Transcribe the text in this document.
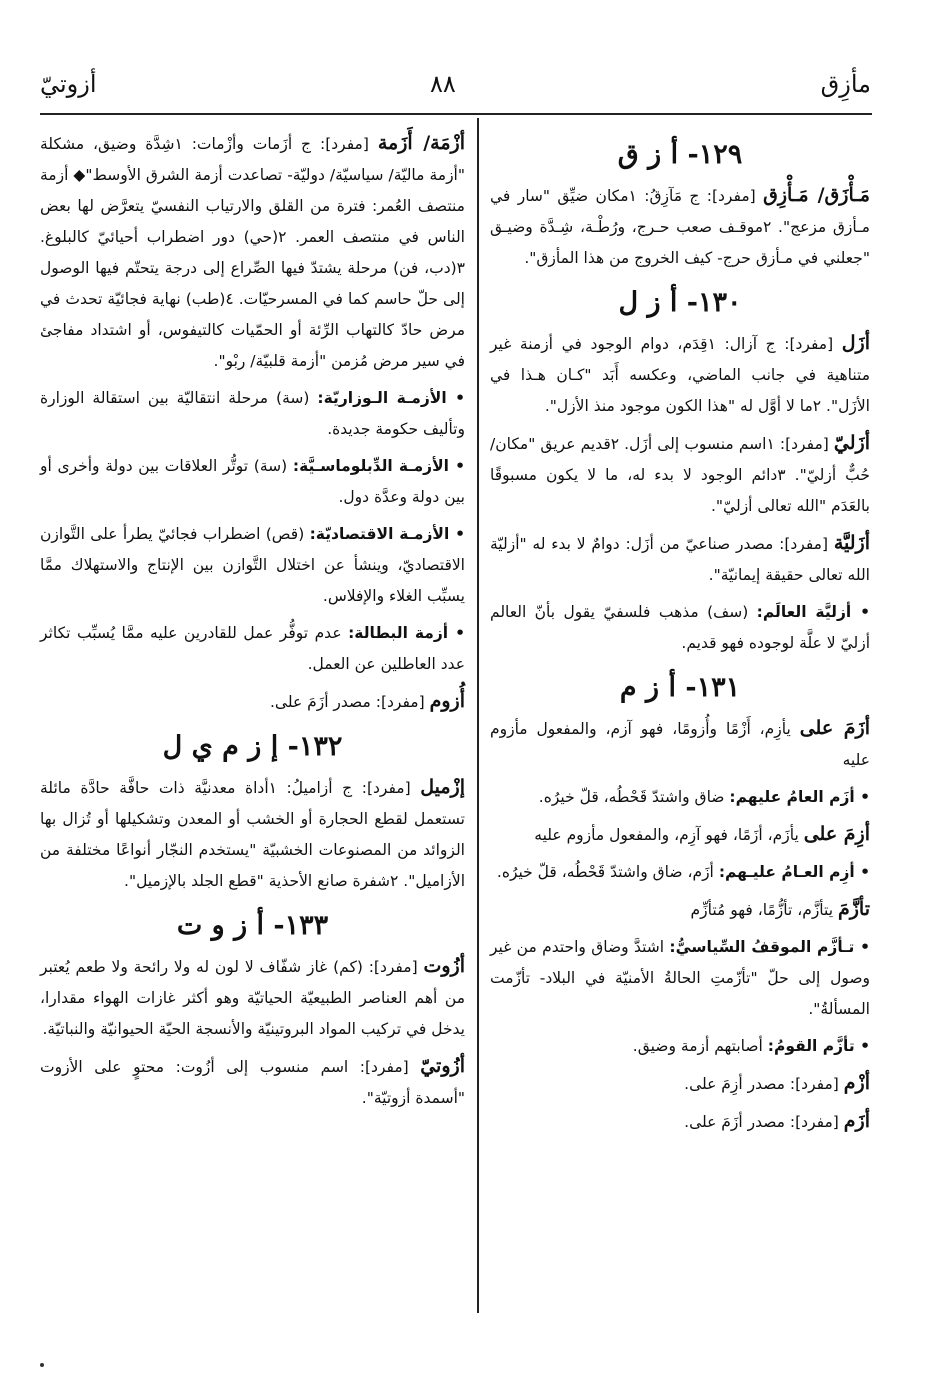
مأزِق
٨٨
أزوتيّ
١٢٩- أ ز ق
مَـأْزَق/ مَـأْزِق [مفرد]: ج مَآزِقُ: ١مكان ضيِّق "سار في مـأزق مزعج". ٢موقـف صعب حـرج، ورُطْـة، شِـدَّة وضيـق "جعلني في مـأزق حرج- كيف الخروج من هذا المأزق".
١٣٠- أ ز ل
أزَل [مفرد]: ج آزال: ١قِدَم، دوام الوجود في أزمنة غير متناهية في جانب الماضي، وعكسه أَبَد "كـان هـذا في الأزَل". ٢ما لا أوَّل له "هذا الكون موجود منذ الأزل".
أزَليّ [مفرد]: ١اسم منسوب إلى أزَل. ٢قديم عريق "مكان/ حُبٌّ أزليّ". ٣دائم الوجود لا بدء له، ما لا يكون مسبوقًا بالعَدَم "الله تعالى أزليّ".
أزَليَّة [مفرد]: مصدر صناعيّ من أزَل: دوامٌ لا بدء له "أزليّة الله تعالى حقيقة إيمانيّة".
• أزليَّة العالَم: (سف) مذهب فلسفيّ يقول بأنّ العالم أزليّ لا علَّة لوجوده فهو قديم.
١٣١- أ ز م
أزَمَ على يأزِم، أَزْمًا وأُزومًا، فهو آزم، والمفعول مأزوم عليه
• أزَم العامُ عليهم: ضاق واشتدّ قَحْطُه، قلّ خيرُه.
أزِمَ على يأزَم، أزَمًا، فهو آزِم، والمفعول مأزوم عليه
• أزِم العـامُ عليـهم: أزَم، ضاق واشتدّ قَحْطُه، قلّ خيرُه.
تأزَّمَ يتأزَّم، تأزُّمًا، فهو مُتأزِّم
• تـأزَّم الموقفُ السِّياسيُّ: اشتدَّ وضاق واحتدم من غير وصول إلى حلّ "تأزّمتِ الحالةُ الأمنيّة في البلاد- تأزّمت المسألةُ".
• تأزَّم القومُ: أصابتهم أزمة وضيق.
أزْم [مفرد]: مصدر أزِمَ على.
أزَم [مفرد]: مصدر أزَمَ على.
أزْمَة/ أَزَمة [مفرد]: ج أزَمات وأزْمات: ١شِدَّة وضيق، مشكلة "أزمة ماليّة/ سياسيّة/ دوليّة- تصاعدت أزمة الشرق الأوسط"◆ أزمة منتصف العُمر: فترة من القلق والارتياب النفسيّ يتعرَّض لها بعض الناس في منتصف العمر. ٢(حي) دور اضطراب أحيائيّ كالبلوغ. ٣(دب، فن) مرحلة يشتدّ فيها الصِّراع إلى درجة يتحتّم فيها الوصول إلى حلّ حاسم كما في المسرحيّات. ٤(طب) نهاية فجائيّة تحدث في مرض حادّ كالتهاب الرِّئة أو الحمّيات كالتيفوس، أو اشتداد مفاجئ في سير مرض مُزمن "أزمة قلبيّة/ ربْو".
• الأزمـة الـوزاريّة: (سة) مرحلة انتقاليّة بين استقالة الوزارة وتأليف حكومة جديدة.
• الأزمـة الدِّبلوماسـيَّة: (سة) توتُّر العلاقات بين دولة وأخرى أو بين دولة وعدَّة دول.
• الأزمـة الاقتصاديّة: (قص) اضطراب فجائيّ يطرأ على التَّوازن الاقتصاديّ، وينشأ عن اختلال التَّوازن بين الإنتاج والاستهلاك ممَّا يسبِّب الغلاء والإفلاس.
• أزمة البطالة: عدم توفُّر عمل للقادرين عليه ممَّا يُسبِّب تكاثر عدد العاطلين عن العمل.
أُزوم [مفرد]: مصدر أزَمَ على.
١٣٢- إ ز م ي ل
إزْميل [مفرد]: ج أزاميلُ: ١أداة معدنيَّة ذات حافَّة حادَّة مائلة تستعمل لقطع الحجارة أو الخشب أو المعدن وتشكيلها أو تُزال بها الزوائد من المصنوعات الخشبيّة "يستخدم النجّار أنواعًا مختلفة من الأزاميل". ٢شفرة صانع الأحذية "قطع الجلد بالإزميل".
١٣٣- أ ز و ت
أزُوت [مفرد]: (كم) غاز شفّاف لا لون له ولا رائحة ولا طعم يُعتبر من أهم العناصر الطبيعيّة الحياتيّة وهو أكثر غازات الهواء مقدارا، يدخل في تركيب المواد البروتينيّة والأنسجة الحيّة الحيوانيّة والنباتيّة.
أزُوتيّ [مفرد]: اسم منسوب إلى أزُوت: محتوٍ على الأزوت "أسمدة أزوتيّة".
